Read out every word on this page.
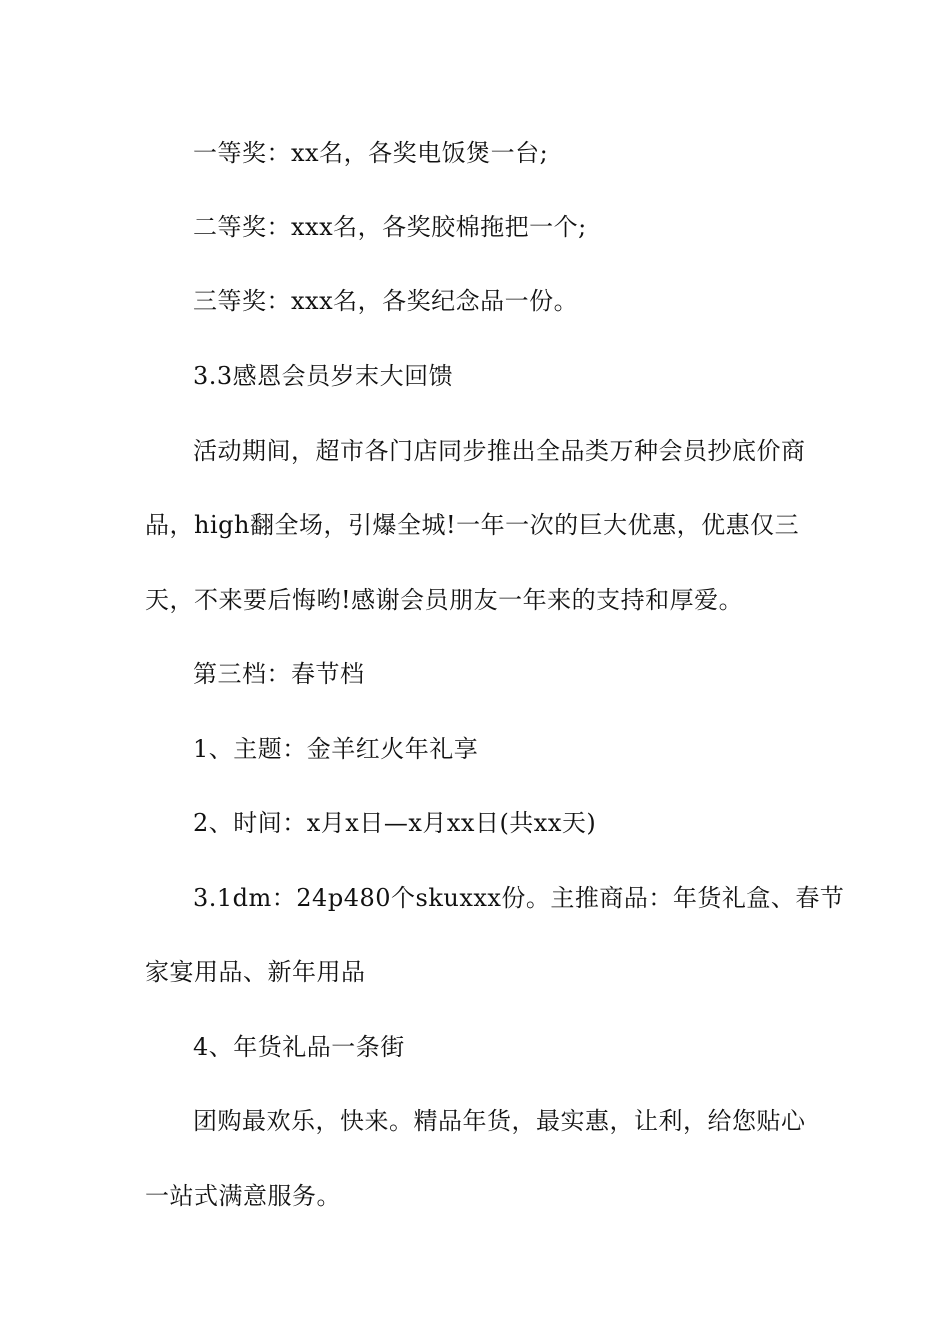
一等奖：xx名，各奖电饭煲一台;
二等奖：xxx名，各奖胶棉拖把一个;
三等奖：xxx名，各奖纪念品一份。
3.3感恩会员岁末大回馈
活动期间，超市各门店同步推出全品类万种会员抄底价商
品，high翻全场，引爆全城!一年一次的巨大优惠，优惠仅三
天，不来要后悔哟!感谢会员朋友一年来的支持和厚爱。
第三档：春节档
1、主题：金羊红火年礼享
2、时间：x月x日—x月xx日(共xx天)
3.1dm：24p480个skuxxx份。主推商品：年货礼盒、春节
家宴用品、新年用品
4、年货礼品一条街
团购最欢乐，快来。精品年货，最实惠，让利，给您贴心
一站式满意服务。
